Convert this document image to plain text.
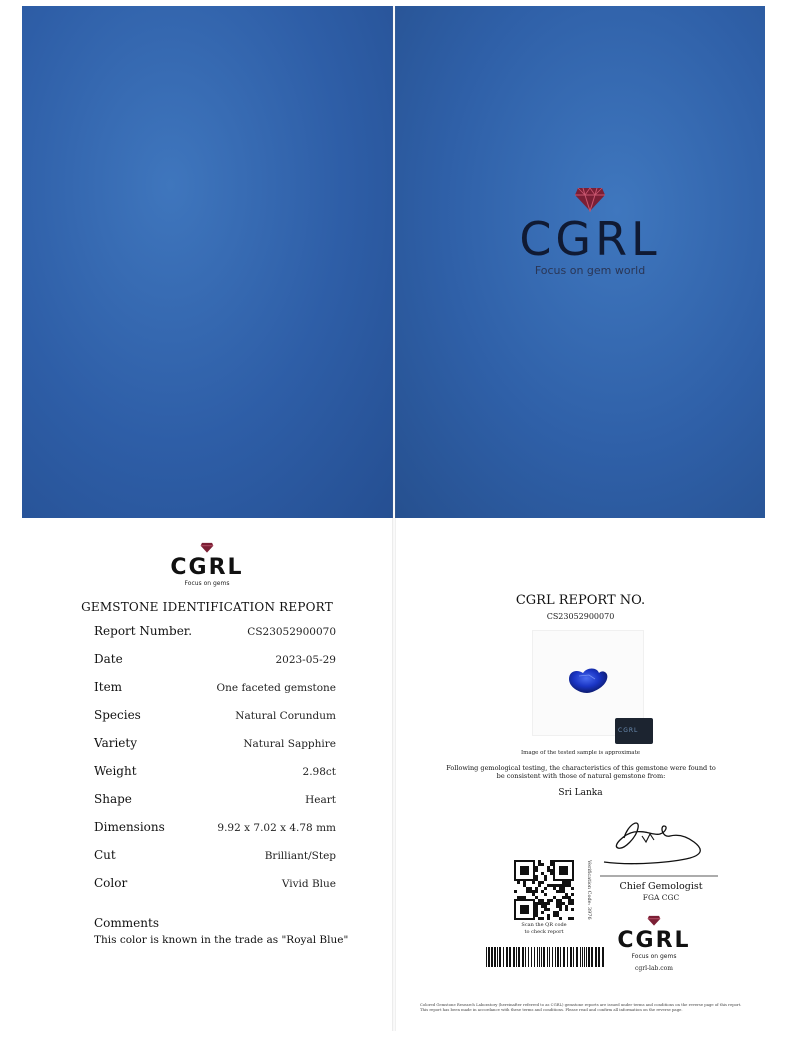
CGRL
Focus on gem world
CGRL
Focus on gems
GEMSTONE IDENTIFICATION REPORT
Report Number.	CS23052900070
Date	2023-05-29
Item	One faceted gemstone
Species	Natural Corundum
Variety	Natural Sapphire
Weight	2.98ct
Shape	Heart
Dimensions	9.92 x 7.02 x 4.78 mm
Cut	Brilliant/Step
Color	Vivid Blue
Comments
This color is known in the trade as "Royal Blue"
CGRL REPORT NO.
CS23052900070
CGRL
Image of the tested sample is approximate
Following gemological testing, the characteristics of this gemstone were found to be consistent with those of natural gemstone from:
Sri Lanka
Chief Gemologist
FGA CGC
CGRL
Focus on gems
cgrl-lab.com
Verification Code: 3976
Scan the QR code
to check report
Colored Gemstone Research Laboratory (hereinafter referred to as CGRL) gemstone reports are issued under terms and conditions on the reverse page of this report. This report has been made in accordance with these terms and conditions. Please read and confirm all information on the reverse page.
